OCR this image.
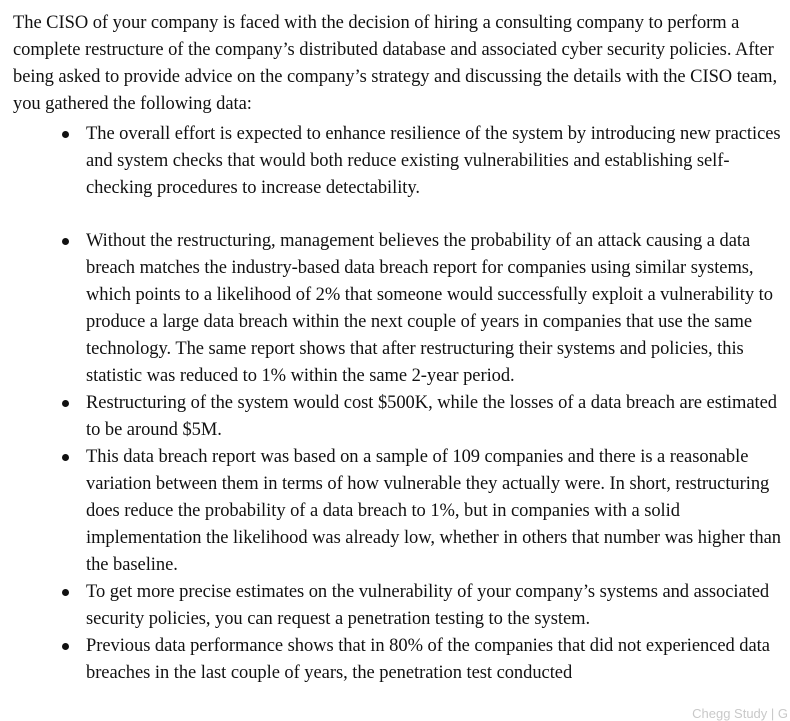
The CISO of your company is faced with the decision of hiring a consulting company to perform a complete restructure of the company’s distributed database and associated cyber security policies. After being asked to provide advice on the company’s strategy and discussing the details with the CISO team, you gathered the following data:

The overall effort is expected to enhance resilience of the system by introducing new practices and system checks that would both reduce existing vulnerabilities and establishing self-checking procedures to increase detectability.
Without the restructuring, management believes the probability of an attack causing a data breach matches the industry-based data breach report for companies using similar systems, which points to a likelihood of 2% that someone would successfully exploit a vulnerability to produce a large data breach within the next couple of years in companies that use the same technology. The same report shows that after restructuring their systems and policies, this statistic was reduced to 1% within the same 2-year period.
Restructuring of the system would cost $500K, while the losses of a data breach are estimated to be around $5M.
This data breach report was based on a sample of 109 companies and there is a reasonable variation between them in terms of how vulnerable they actually were. In short, restructuring does reduce the probability of a data breach to 1%, but in companies with a solid implementation the likelihood was already low, whether in others that number was higher than the baseline.
To get more precise estimates on the vulnerability of your company’s systems and associated security policies, you can request a penetration testing to the system.
Previous data performance shows that in 80% of the companies that did not experienced data breaches in the last couple of years, the penetration test conducted
Chegg Study | G
